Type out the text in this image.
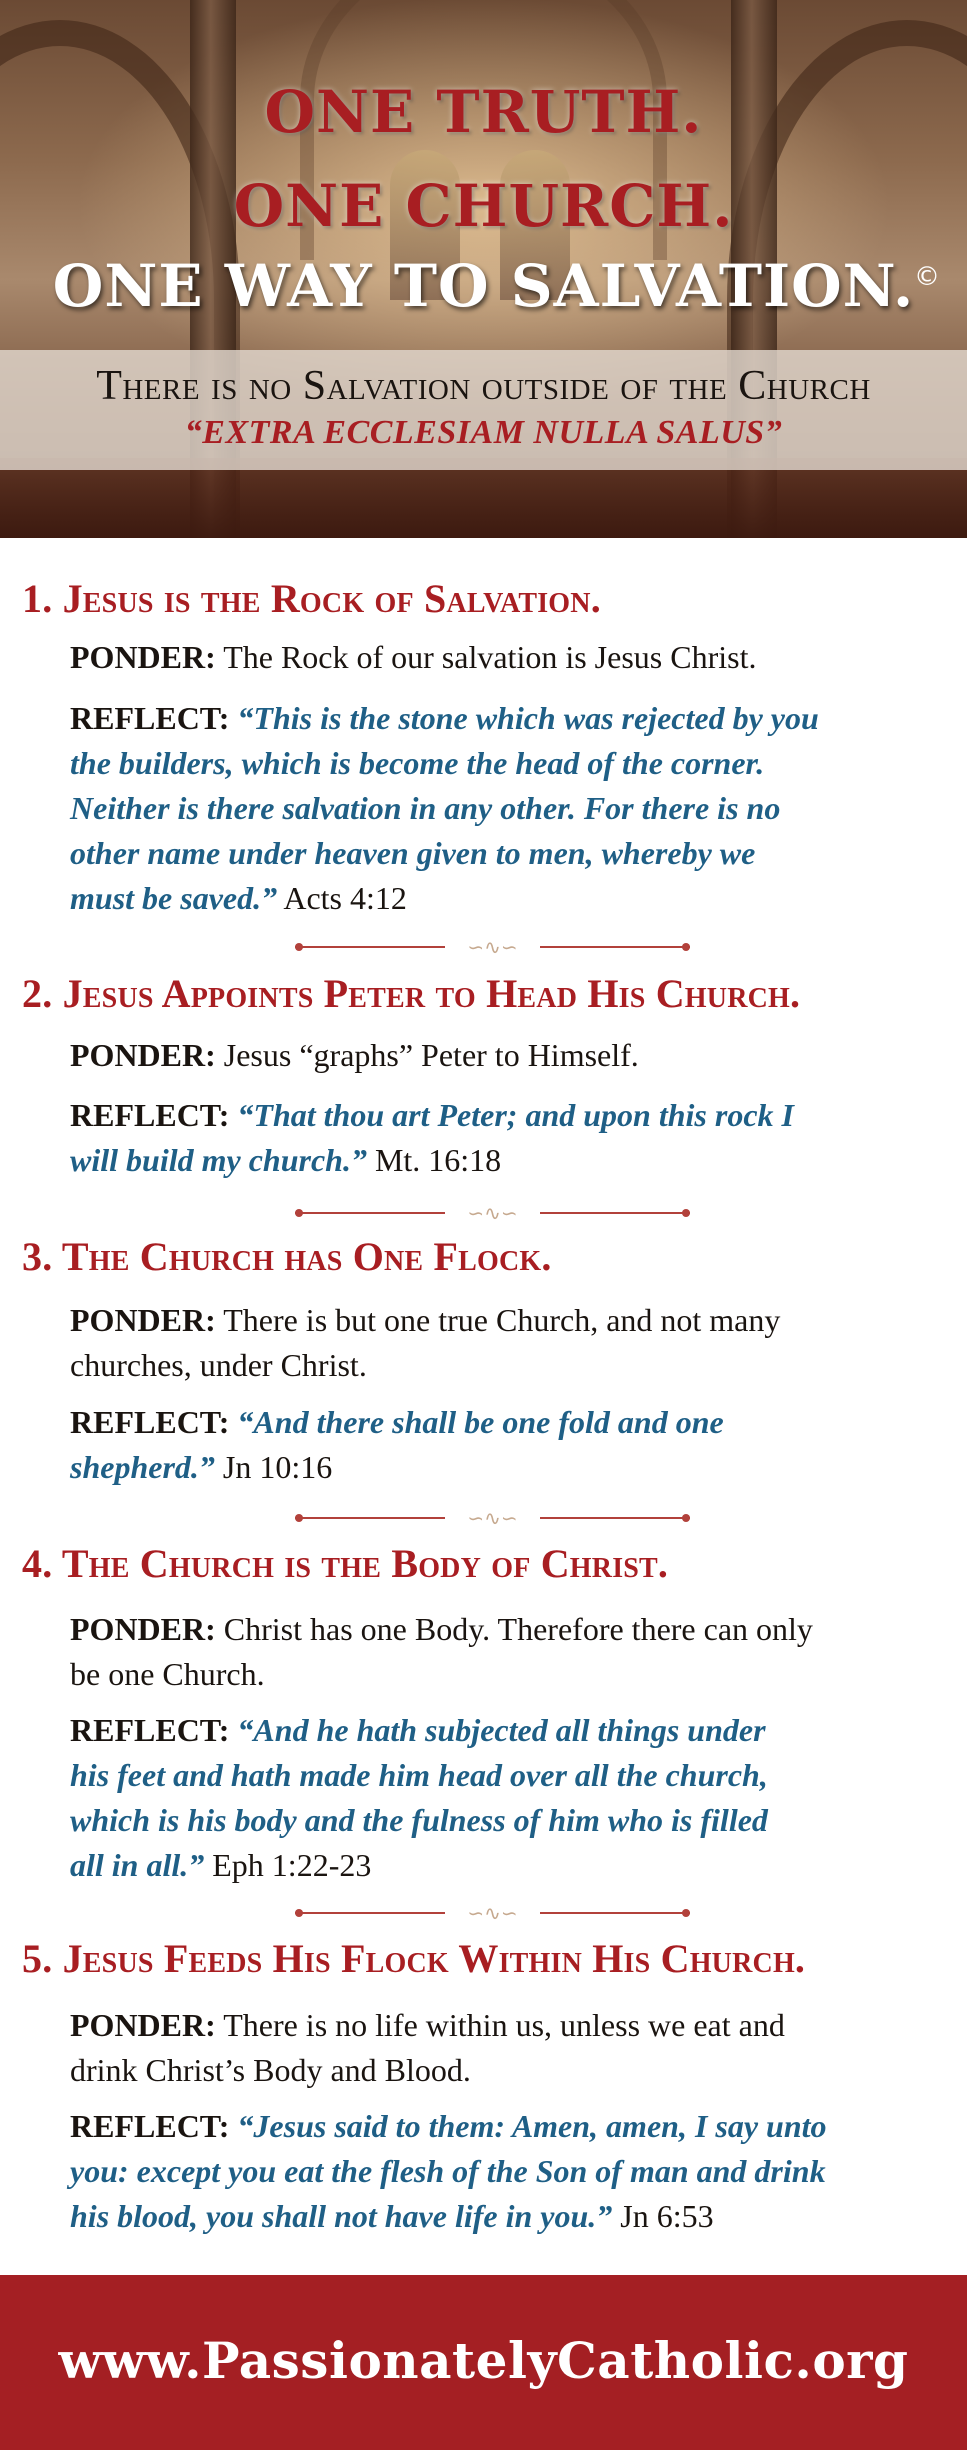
ONE TRUTH.
ONE CHURCH.
ONE WAY TO SALVATION. ©
There is no Salvation outside of the Church
“EXTRA ECCLESIAM NULLA SALUS”
1. Jesus is the Rock of Salvation.
PONDER: The Rock of our salvation is Jesus Christ.
REFLECT: “This is the stone which was rejected by you
the builders, which is become the head of the corner.
Neither is there salvation in any other. For there is no
other name under heaven given to men, whereby we
must be saved.” Acts 4:12
∽∿∽
2. Jesus Appoints Peter to Head His Church.
PONDER: Jesus “graphs” Peter to Himself.
REFLECT: “That thou art Peter; and upon this rock I
will build my church.” Mt. 16:18
∽∿∽
3. The Church has One Flock.
PONDER: There is but one true Church, and not many
churches, under Christ.
REFLECT: “And there shall be one fold and one
shepherd.” Jn 10:16
∽∿∽
4. The Church is the Body of Christ.
PONDER: Christ has one Body. Therefore there can only
be one Church.
REFLECT: “And he hath subjected all things under
his feet and hath made him head over all the church,
which is his body and the fulness of him who is filled
all in all.” Eph 1:22-23
∽∿∽
5. Jesus Feeds His Flock Within His Church.
PONDER: There is no life within us, unless we eat and
drink Christ’s Body and Blood.
REFLECT: “Jesus said to them: Amen, amen, I say unto
you: except you eat the flesh of the Son of man and drink
his blood, you shall not have life in you.” Jn 6:53
www.PassionatelyCatholic.org
